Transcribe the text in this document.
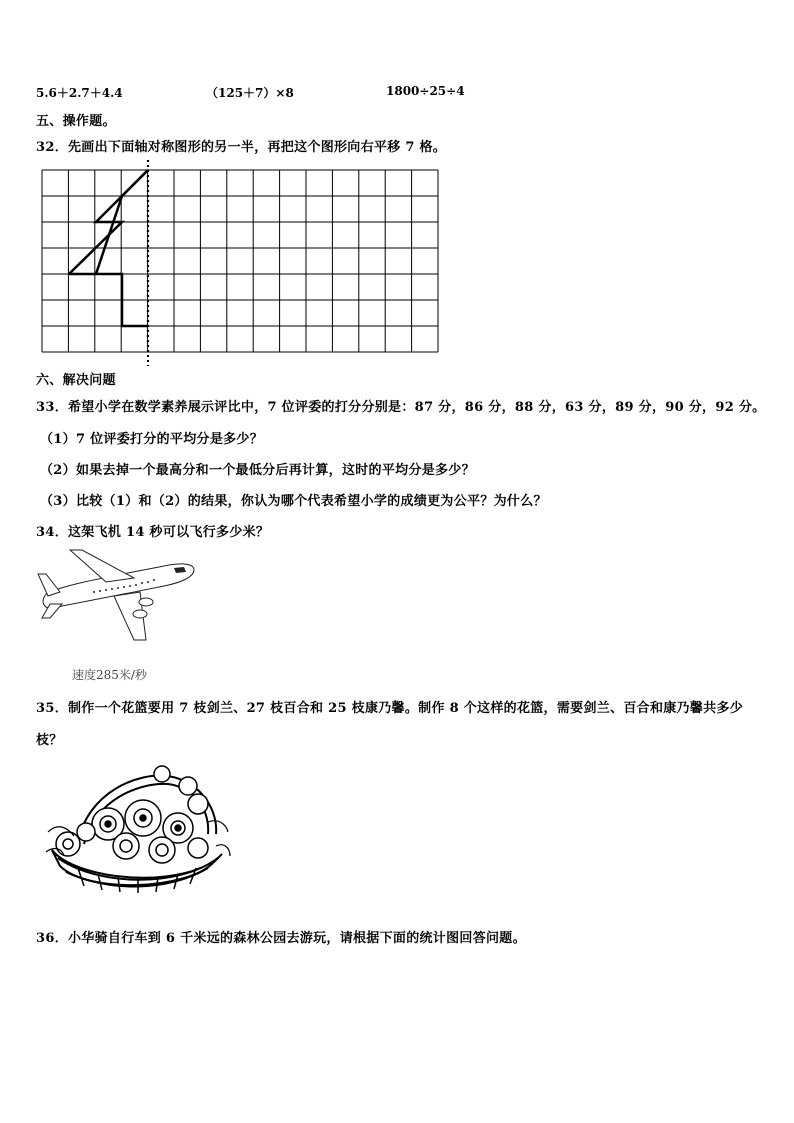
5.6＋2.7＋4.4	（125＋7）×8	1800÷25÷4
五、操作题。
32．先画出下面轴对称图形的另一半，再把这个图形向右平移 7 格。
六、解决问题
33．希望小学在数学素养展示评比中，7 位评委的打分分别是：87 分，86 分，88 分，63 分，89 分，90 分，92 分。
（1）7 位评委打分的平均分是多少？
（2）如果去掉一个最高分和一个最低分后再计算，这时的平均分是多少？
（3）比较（1）和（2）的结果，你认为哪个代表希望小学的成绩更为公平？为什么？
34．这架飞机 14 秒可以飞行多少米？
速度285米/秒
35．制作一个花篮要用 7 枝剑兰、27 枝百合和 25 枝康乃馨。制作 8 个这样的花篮，需要剑兰、百合和康乃馨共多少
枝？
36．小华骑自行车到 6 千米远的森林公园去游玩，请根据下面的统计图回答问题。
